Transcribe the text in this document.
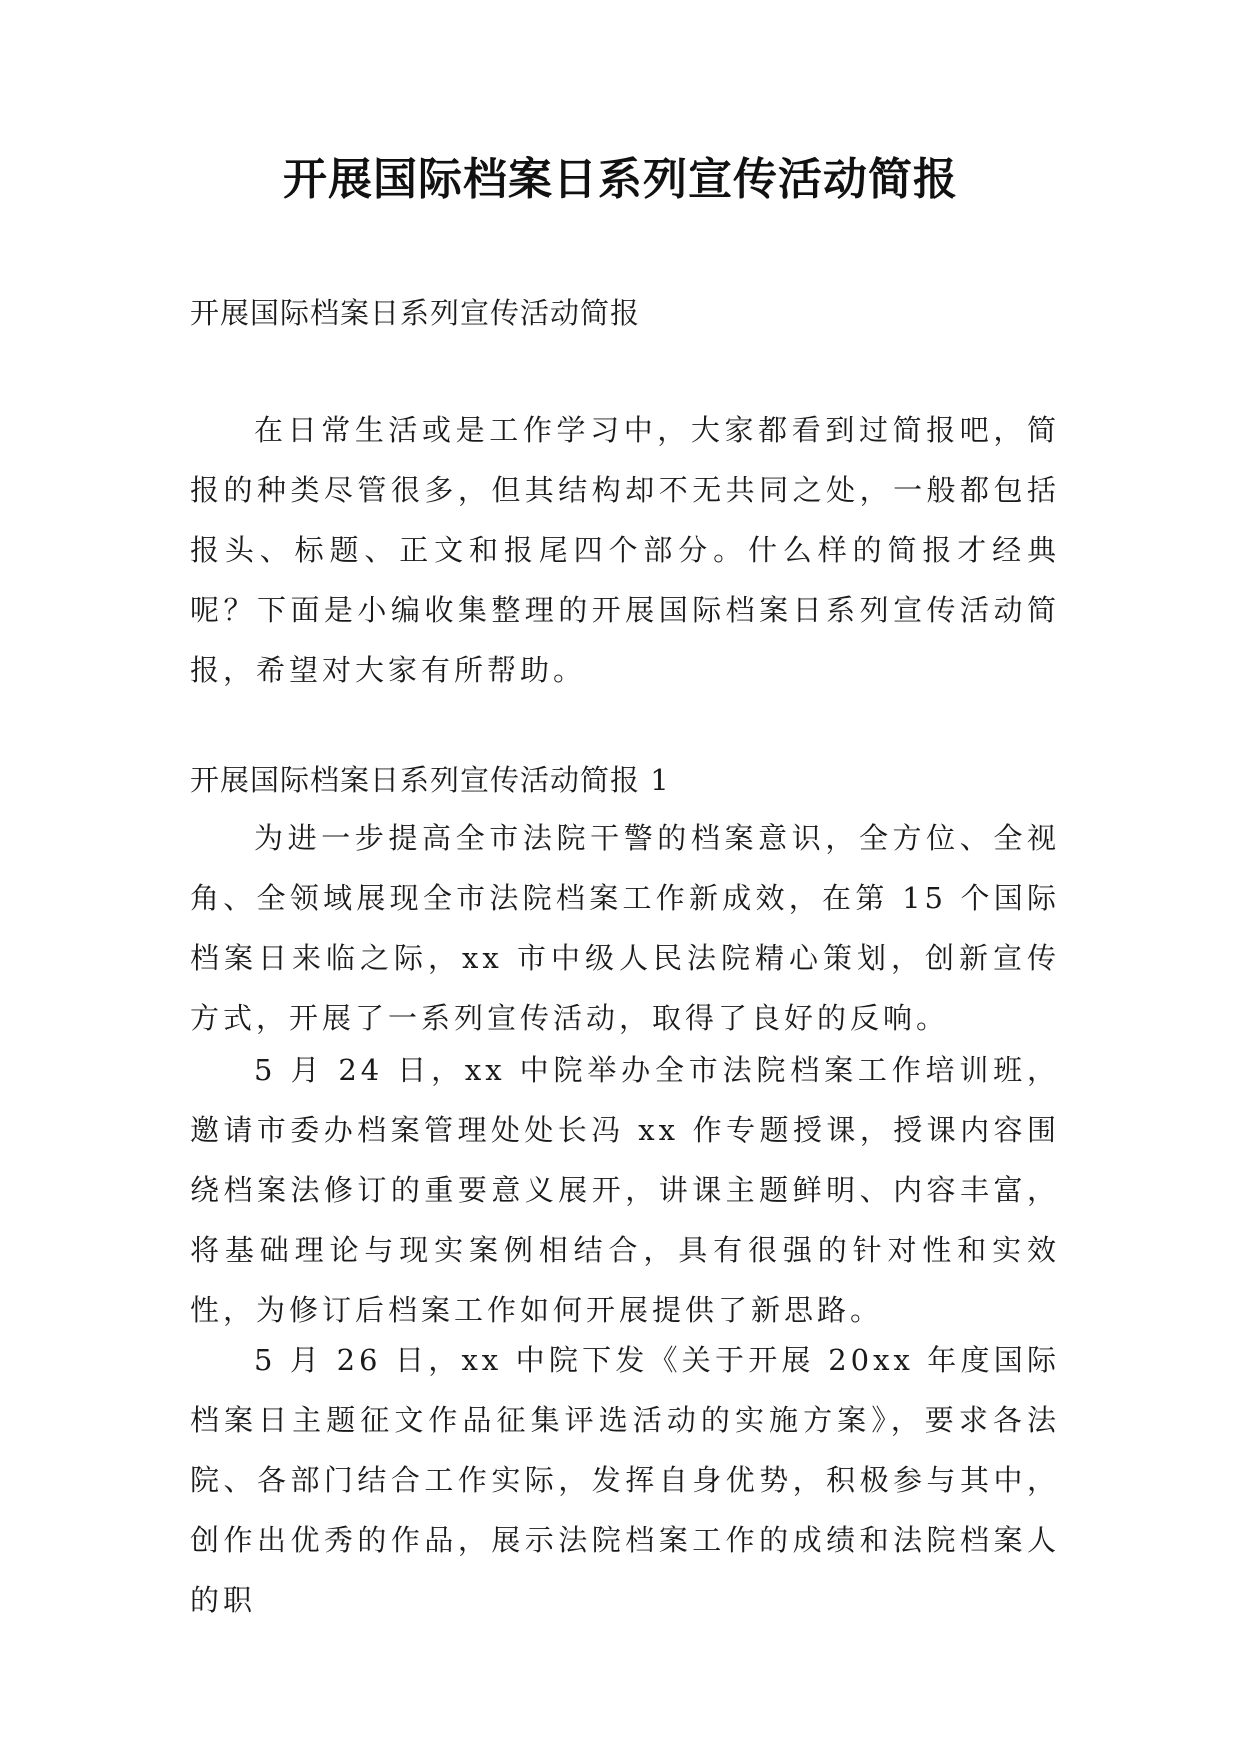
开展国际档案日系列宣传活动简报

开展国际档案日系列宣传活动简报

在日常生活或是工作学习中，大家都看到过简报吧，简报的种类尽管很多，但其结构却不无共同之处，一般都包括报头、标题、正文和报尾四个部分。什么样的简报才经典呢？下面是小编收集整理的开展国际档案日系列宣传活动简报，希望对大家有所帮助。

开展国际档案日系列宣传活动简报 1

为进一步提高全市法院干警的档案意识，全方位、全视角、全领域展现全市法院档案工作新成效，在第 15 个国际档案日来临之际，xx 市中级人民法院精心策划，创新宣传方式，开展了一系列宣传活动，取得了良好的反响。

5 月 24 日，xx 中院举办全市法院档案工作培训班，邀请市委办档案管理处处长冯 xx 作专题授课，授课内容围绕档案法修订的重要意义展开，讲课主题鲜明、内容丰富，将基础理论与现实案例相结合，具有很强的针对性和实效性，为修订后档案工作如何开展提供了新思路。

5 月 26 日，xx 中院下发《关于开展 20xx 年度国际档案日主题征文作品征集评选活动的实施方案》，要求各法院、各部门结合工作实际，发挥自身优势，积极参与其中，创作出优秀的作品，展示法院档案工作的成绩和法院档案人的职
